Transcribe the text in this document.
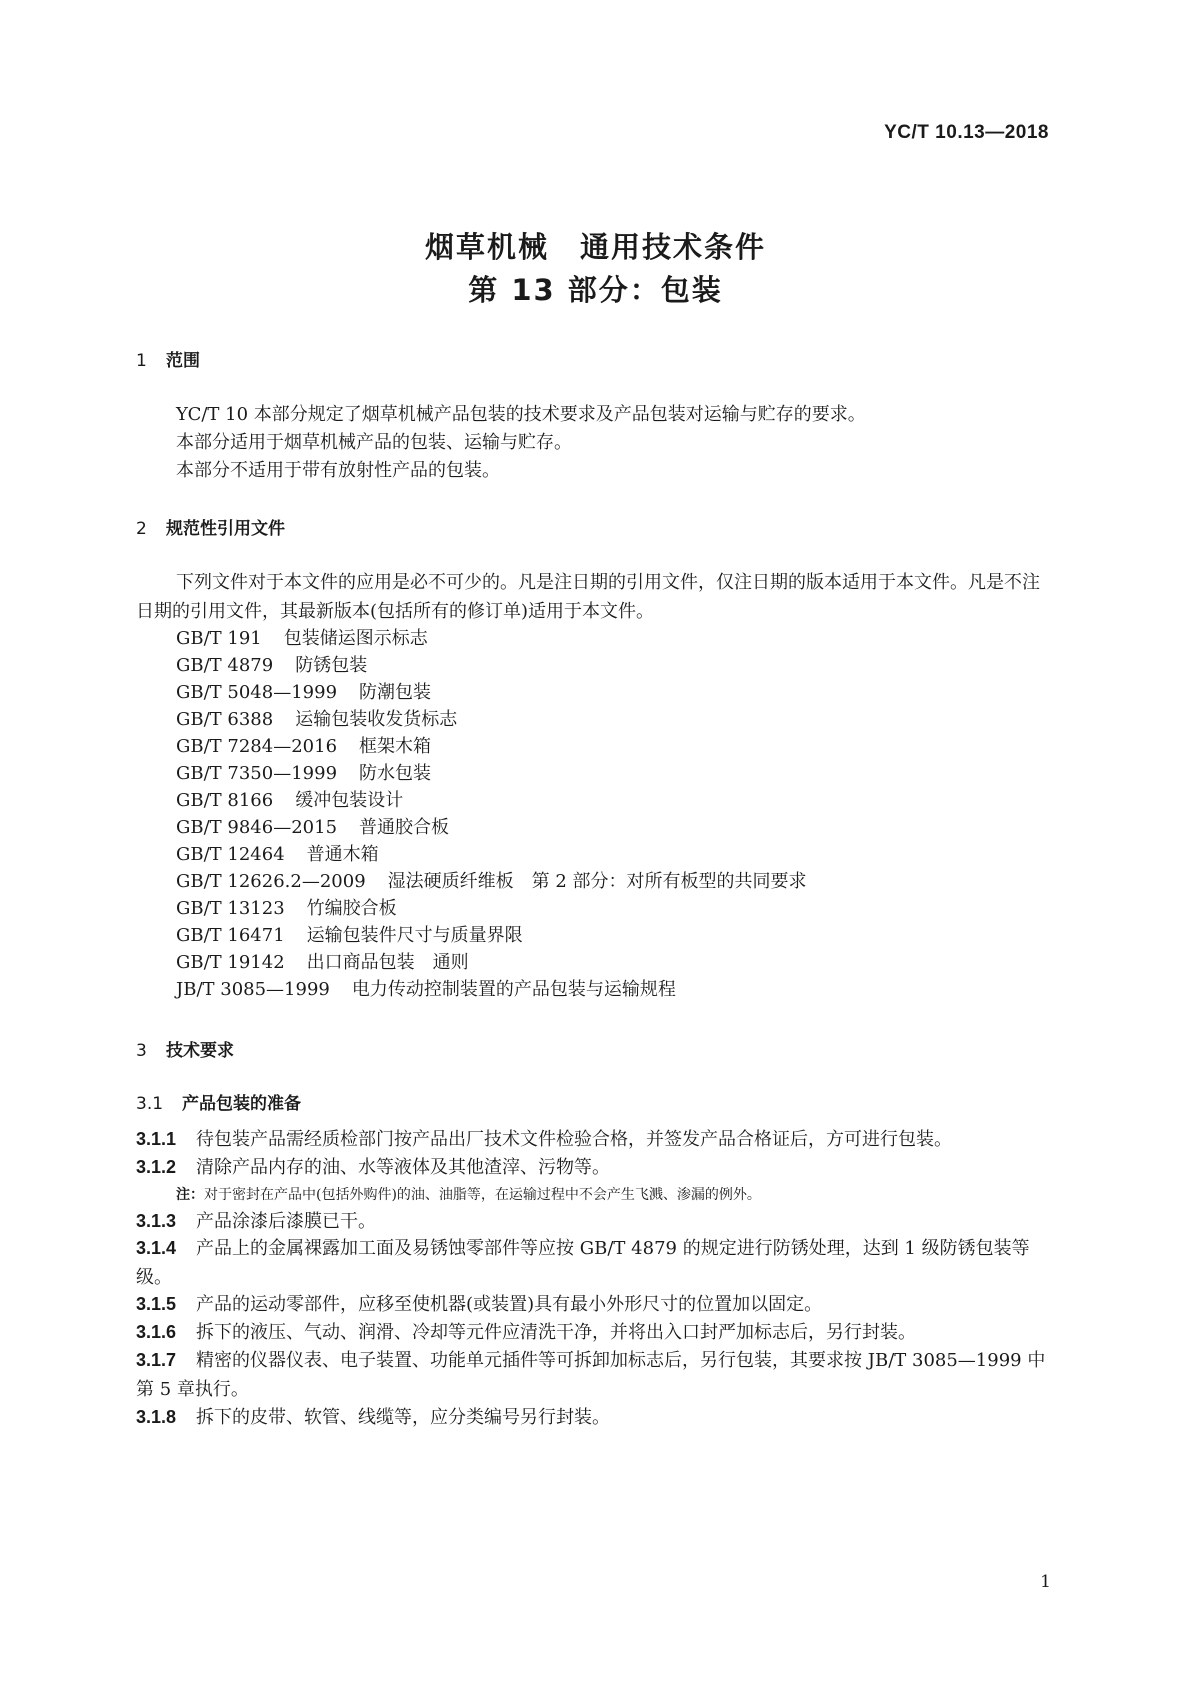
YC/T 10.13—2018
烟草机械　通用技术条件
第 13 部分：包装
1 范围
YC/T 10 本部分规定了烟草机械产品包装的技术要求及产品包装对运输与贮存的要求。
本部分适用于烟草机械产品的包装、运输与贮存。
本部分不适用于带有放射性产品的包装。
2 规范性引用文件
下列文件对于本文件的应用是必不可少的。凡是注日期的引用文件，仅注日期的版本适用于本文件。凡是不注日期的引用文件，其最新版本(包括所有的修订单)适用于本文件。
GB/T 191 包装储运图示标志
GB/T 4879 防锈包装
GB/T 5048—1999 防潮包装
GB/T 6388 运输包装收发货标志
GB/T 7284—2016 框架木箱
GB/T 7350—1999 防水包装
GB/T 8166 缓冲包装设计
GB/T 9846—2015 普通胶合板
GB/T 12464 普通木箱
GB/T 12626.2—2009 湿法硬质纤维板　第 2 部分：对所有板型的共同要求
GB/T 13123 竹编胶合板
GB/T 16471 运输包装件尺寸与质量界限
GB/T 19142 出口商品包装　通则
JB/T 3085—1999 电力传动控制装置的产品包装与运输规程
3 技术要求
3.1 产品包装的准备
3.1.1 待包装产品需经质检部门按产品出厂技术文件检验合格，并签发产品合格证后，方可进行包装。
3.1.2 清除产品内存的油、水等液体及其他渣滓、污物等。
注：对于密封在产品中(包括外购件)的油、油脂等，在运输过程中不会产生飞溅、渗漏的例外。
3.1.3 产品涂漆后漆膜已干。
3.1.4 产品上的金属裸露加工面及易锈蚀零部件等应按 GB/T 4879 的规定进行防锈处理，达到 1 级防锈包装等级。
3.1.5 产品的运动零部件，应移至使机器(或装置)具有最小外形尺寸的位置加以固定。
3.1.6 拆下的液压、气动、润滑、冷却等元件应清洗干净，并将出入口封严加标志后，另行封装。
3.1.7 精密的仪器仪表、电子装置、功能单元插件等可拆卸加标志后，另行包装，其要求按 JB/T 3085—1999 中第 5 章执行。
3.1.8 拆下的皮带、软管、线缆等，应分类编号另行封装。
1
